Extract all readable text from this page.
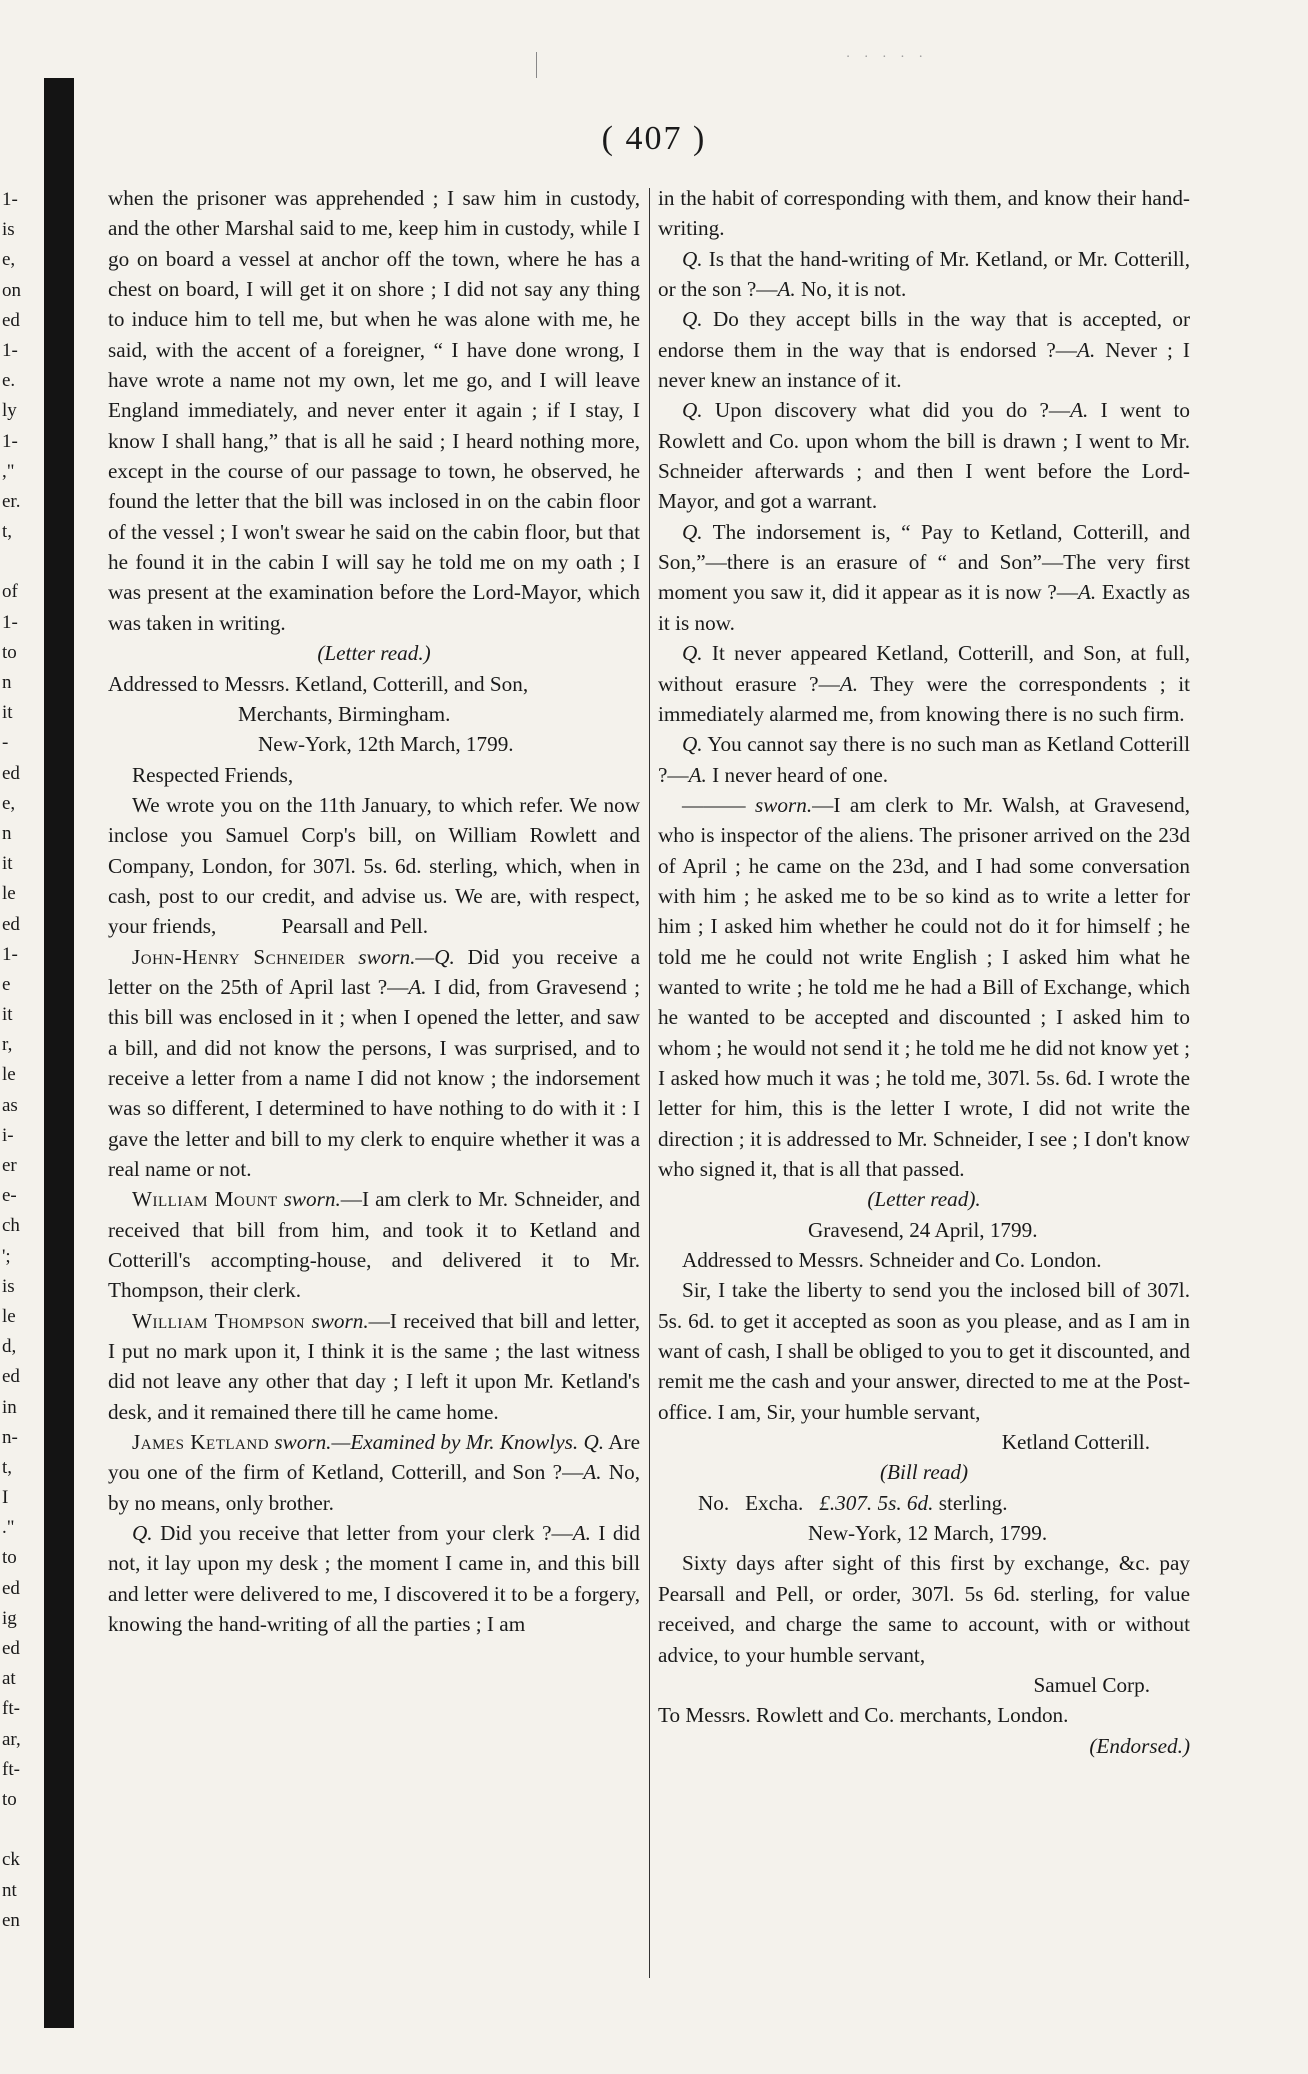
· · · · ·
1-
is
e,
on
ed
1-
e.
ly
1-
,"
er.
t,
of
1-
to
n
it
-
ed
e,
n
it
le
ed
1-
e
it
r,
le
as
i-
er
e-
ch
';
is
le
d,
ed
in
n-
t,
I
."
to
ed
ig
ed
at
ft-
ar,
ft-
to
ck
nt
en
( 407 )

when the prisoner was apprehended ; I saw him in custody, and the other Marshal said to me, keep him in custody, while I go on board a vessel at anchor off the town, where he has a chest on board, I will get it on shore ; I did not say any thing to induce him to tell me, but when he was alone with me, he said, with the accent of a foreigner, “ I have done wrong, I have wrote a name not my own, let me go, and I will leave England immediately, and never enter it again ; if I stay, I know I shall hang,” that is all he said ; I heard nothing more, except in the course of our passage to town, he observed, he found the letter that the bill was inclosed in on the cabin floor of the vessel ; I won't swear he said on the cabin floor, but that he found it in the cabin I will say he told me on my oath ; I was present at the examination before the Lord-Mayor, which was taken in writing.

(Letter read.)

Addressed to Messrs. Ketland, Cotterill, and Son,

Merchants, Birmingham.

New-York, 12th March, 1799.

Respected Friends,

We wrote you on the 11th January, to which refer. We now inclose you Samuel Corp's bill, on William Rowlett and Company, London, for 307l. 5s. 6d. sterling, which, when in cash, post to our credit, and advise us. We are, with respect, your friends,	Pearsall and Pell.

John-Henry Schneider sworn.—Q. Did you receive a letter on the 25th of April last ?—A. I did, from Gravesend ; this bill was enclosed in it ; when I opened the letter, and saw a bill, and did not know the persons, I was surprised, and to receive a letter from a name I did not know ; the indorsement was so different, I determined to have nothing to do with it : I gave the letter and bill to my clerk to enquire whether it was a real name or not.

William Mount sworn.—I am clerk to Mr. Schneider, and received that bill from him, and took it to Ketland and Cotterill's accompting-house, and delivered it to Mr. Thompson, their clerk.

William Thompson sworn.—I received that bill and letter, I put no mark upon it, I think it is the same ; the last witness did not leave any other that day ; I left it upon Mr. Ketland's desk, and it remained there till he came home.

James Ketland sworn.—Examined by Mr. Knowlys. Q. Are you one of the firm of Ketland, Cotterill, and Son ?—A. No, by no means, only brother.

Q. Did you receive that letter from your clerk ?—A. I did not, it lay upon my desk ; the moment I came in, and this bill and letter were delivered to me, I discovered it to be a forgery, knowing the hand-writing of all the parties ; I am

in the habit of corresponding with them, and know their hand-writing.

Q. Is that the hand-writing of Mr. Ketland, or Mr. Cotterill, or the son ?—A. No, it is not.

Q. Do they accept bills in the way that is accepted, or endorse them in the way that is endorsed ?—A. Never ; I never knew an instance of it.

Q. Upon discovery what did you do ?—A. I went to Rowlett and Co. upon whom the bill is drawn ; I went to Mr. Schneider afterwards ; and then I went before the Lord-Mayor, and got a warrant.

Q. The indorsement is, “ Pay to Ketland, Cotterill, and Son,”—there is an erasure of “ and Son”—The very first moment you saw it, did it appear as it is now ?—A. Exactly as it is now.

Q. It never appeared Ketland, Cotterill, and Son, at full, without erasure ?—A. They were the correspondents ; it immediately alarmed me, from knowing there is no such firm.

Q. You cannot say there is no such man as Ketland Cotterill ?—A. I never heard of one.

——— sworn.—I am clerk to Mr. Walsh, at Gravesend, who is inspector of the aliens. The prisoner arrived on the 23d of April ; he came on the 23d, and I had some conversation with him ; he asked me to be so kind as to write a letter for him ; I asked him whether he could not do it for himself ; he told me he could not write English ; I asked him what he wanted to write ; he told me he had a Bill of Exchange, which he wanted to be accepted and discounted ; I asked him to whom ; he would not send it ; he told me he did not know yet ; I asked how much it was ; he told me, 307l. 5s. 6d. I wrote the letter for him, this is the letter I wrote, I did not write the direction ; it is addressed to Mr. Schneider, I see ; I don't know who signed it, that is all that passed.

(Letter read).

Gravesend, 24 April, 1799.

Addressed to Messrs. Schneider and Co. London.

Sir, I take the liberty to send you the inclosed bill of 307l. 5s. 6d. to get it accepted as soon as you please, and as I am in want of cash, I shall be obliged to you to get it discounted, and remit me the cash and your answer, directed to me at the Post-office. I am, Sir, your humble servant,

Ketland Cotterill.

(Bill read)

No. Excha. £.307. 5s. 6d. sterling.

New-York, 12 March, 1799.

Sixty days after sight of this first by exchange, &c. pay Pearsall and Pell, or order, 307l. 5s 6d. sterling, for value received, and charge the same to account, with or without advice, to your humble servant,

Samuel Corp.

To Messrs. Rowlett and Co. merchants, London.

(Endorsed.)
